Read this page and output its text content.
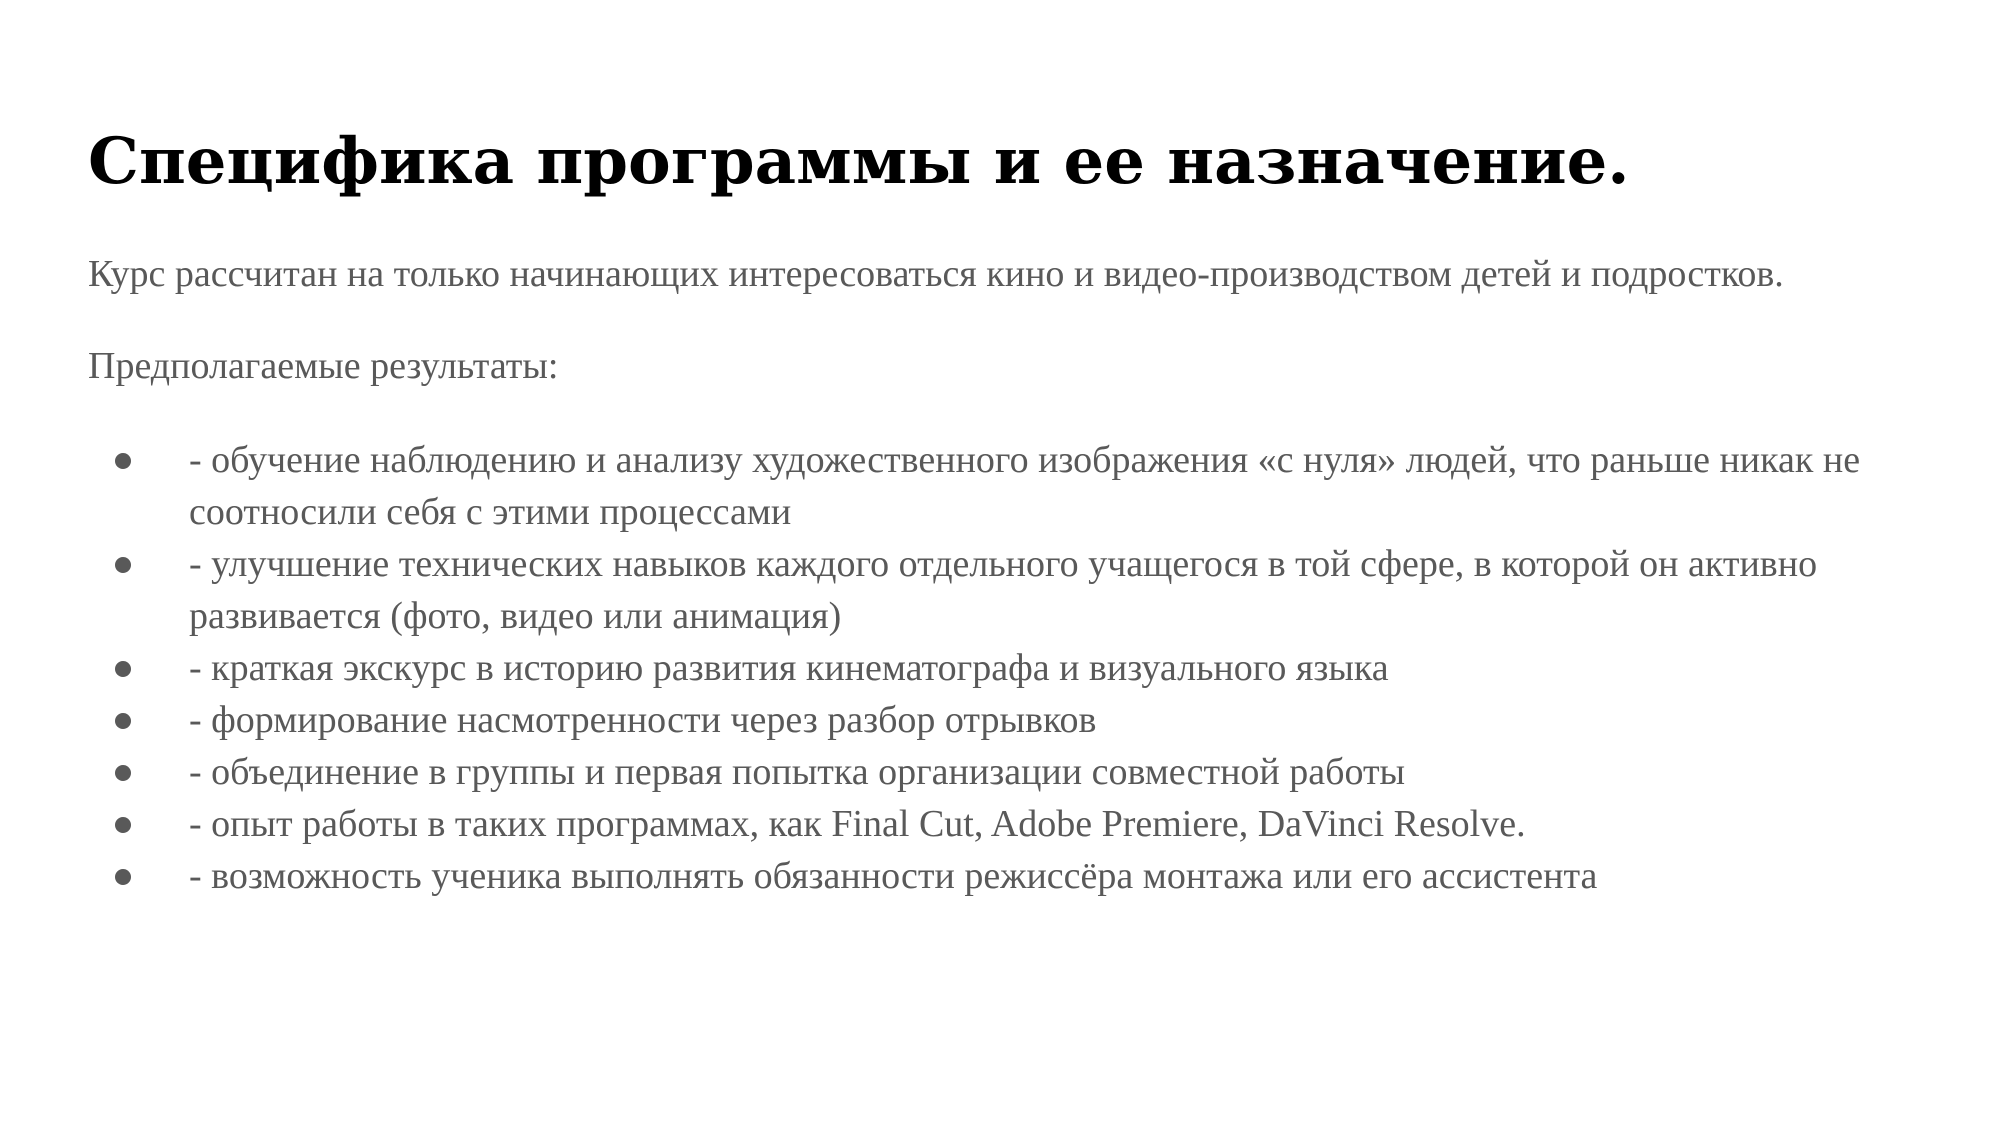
Специфика программы и ее назначение.

Курс рассчитан на только начинающих интересоваться кино и видео-производством детей и подростков.

Предполагаемые результаты:

- обучение наблюдению и анализу художественного изображения «с нуля» людей, что раньше никак не соотносили себя с этими процессами
- улучшение технических навыков каждого отдельного учащегося в той сфере, в которой он активно развивается (фото, видео или анимация)
- краткая экскурс в историю развития кинематографа и визуального языка
- формирование насмотренности через разбор отрывков
- объединение в группы и первая попытка организации совместной работы
- опыт работы в таких программах, как Final Cut, Adobe Premiere, DaVinci Resolve.
- возможность ученика выполнять обязанности режиссёра монтажа или его ассистента
